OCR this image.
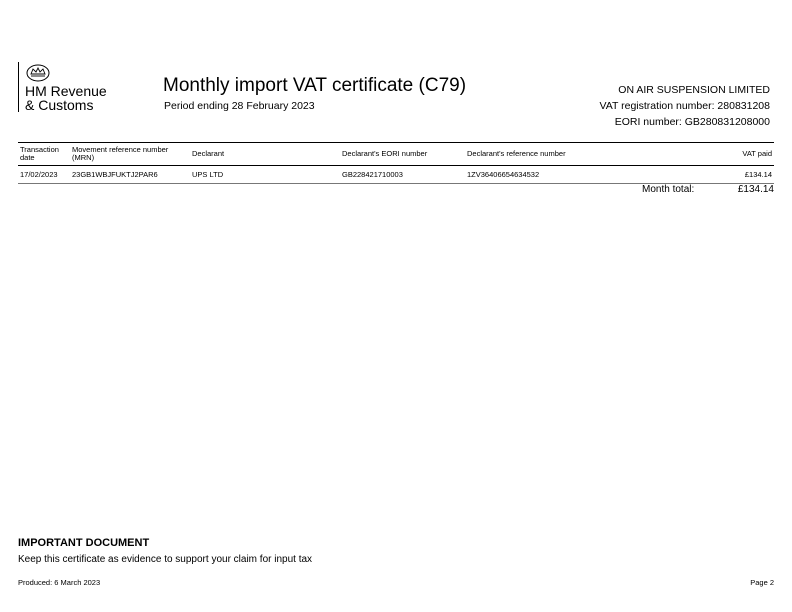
HM Revenue
& Customs
Monthly import VAT certificate (C79)
Period ending 28 February 2023
ON AIR SUSPENSION LIMITED
VAT registration number: 280831208
EORI number: GB280831208000
Transaction date	Movement reference number (MRN)	Declarant	Declarant's EORI number	Declarant's reference number	VAT paid
17/02/2023	23GB1WBJFUKTJ2PAR6	UPS LTD	GB228421710003	1ZV36406654634532	£134.14
Month total:	£134.14
IMPORTANT DOCUMENT
Keep this certificate as evidence to support your claim for input tax
Produced: 6 March 2023	Page 2
